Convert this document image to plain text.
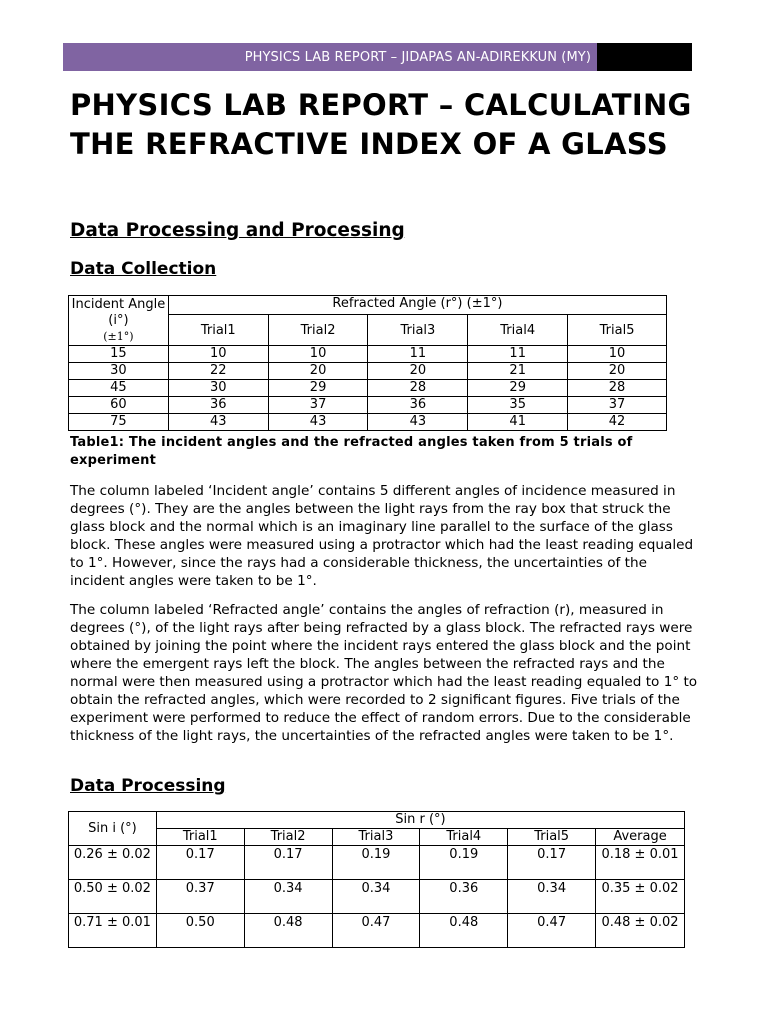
PHYSICS LAB REPORT – JIDAPAS AN-ADIREKKUN (MY)
PHYSICS LAB REPORT – CALCULATING THE REFRACTIVE INDEX OF A GLASS
Data Processing and Processing
Data Collection
Incident Angle (i°)
(±1°)	Refracted Angle (r°) (±1°)				
	Trial1	Trial2	Trial3	Trial4	Trial5
15	10	10	11	11	10
30	22	20	20	21	20
45	30	29	28	29	28
60	36	37	36	35	37
75	43	43	43	41	42
Table1: The incident angles and the refracted angles taken from 5 trials of experiment

The column labeled ‘Incident angle’ contains 5 different angles of incidence measured in degrees (°). They are the angles between the light rays from the ray box that struck the glass block and the normal which is an imaginary line parallel to the surface of the glass block. These angles were measured using a protractor which had the least reading equaled to 1°. However, since the rays had a considerable thickness, the uncertainties of the incident angles were taken to be 1°.

The column labeled ‘Refracted angle’ contains the angles of refraction (r), measured in degrees (°), of the light rays after being refracted by a glass block. The refracted rays were obtained by joining the point where the incident rays entered the glass block and the point where the emergent rays left the block. The angles between the refracted rays and the normal were then measured using a protractor which had the least reading equaled to 1° to obtain the refracted angles, which were recorded to 2 significant figures. Five trials of the experiment were performed to reduce the effect of random errors. Due to the considerable thickness of the light rays, the uncertainties of the refracted angles were taken to be 1°.

Data Processing
Sin i (°)	Sin r (°)					
	Trial1	Trial2	Trial3	Trial4	Trial5	Average
0.26 ± 0.02	0.17	0.17	0.19	0.19	0.17	0.18 ± 0.01
0.50 ± 0.02	0.37	0.34	0.34	0.36	0.34	0.35 ± 0.02
0.71 ± 0.01	0.50	0.48	0.47	0.48	0.47	0.48 ± 0.02
